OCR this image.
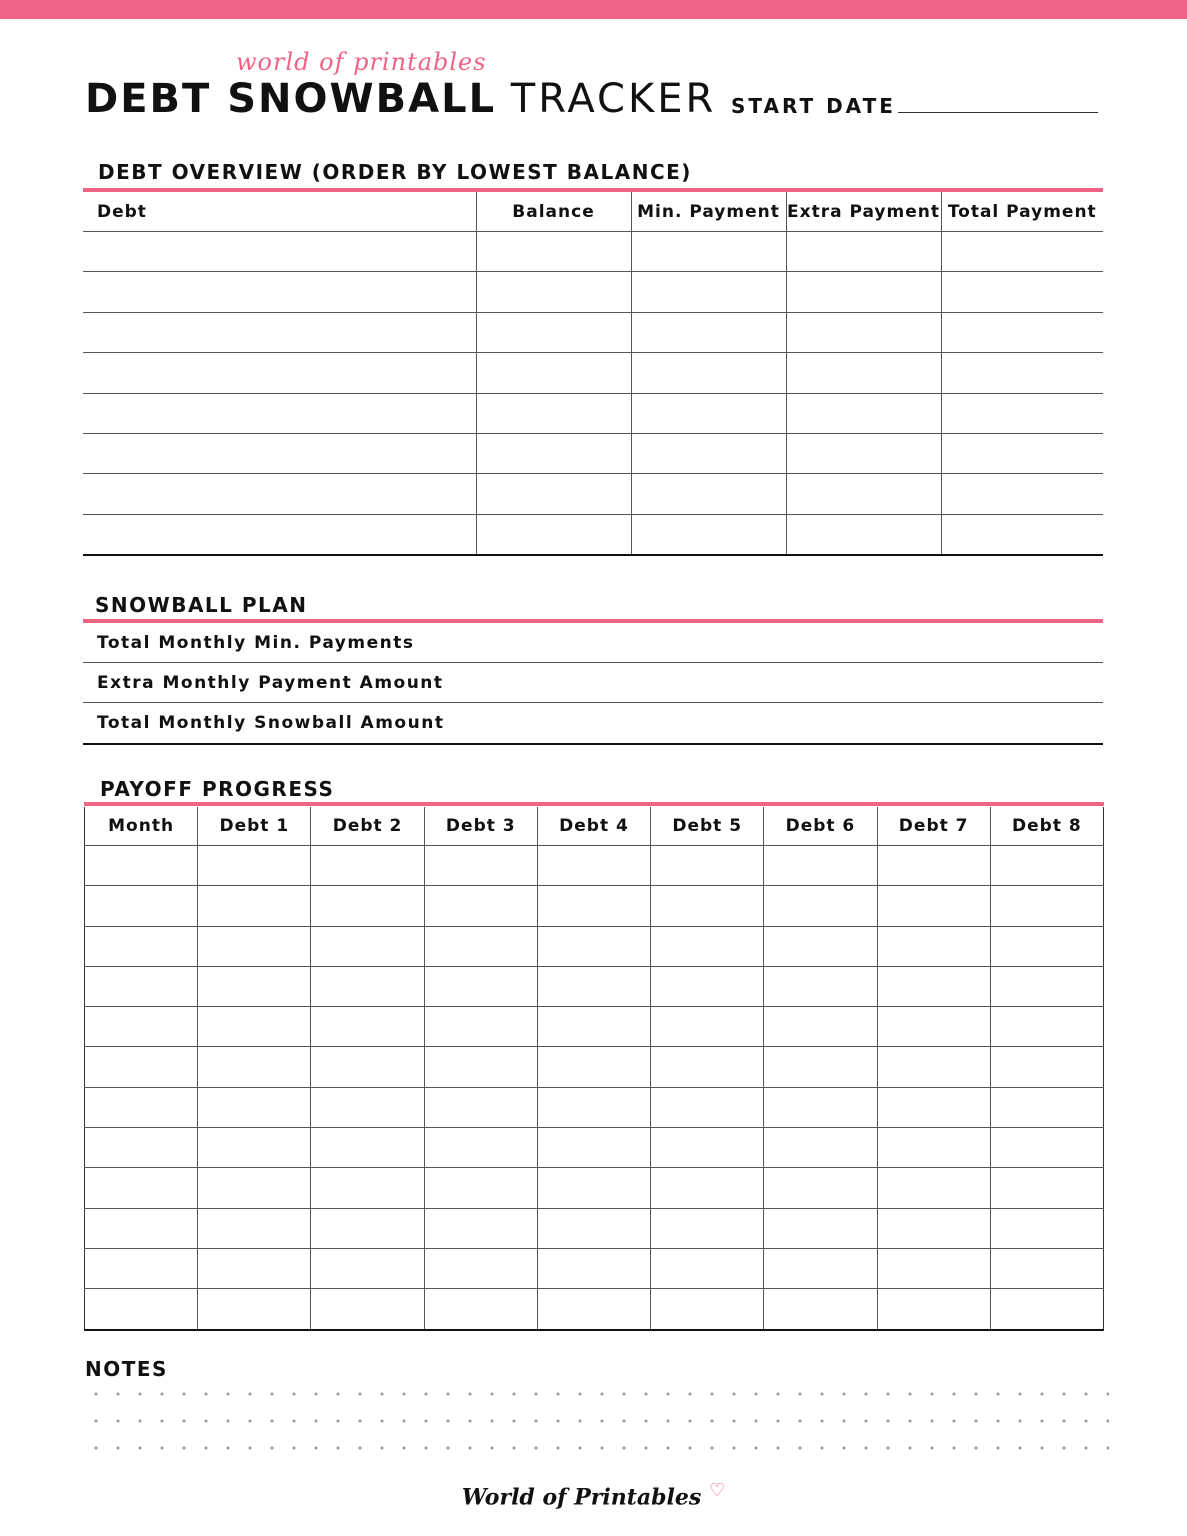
world of printables
DEBT SNOWBALL TRACKER START DATE
DEBT OVERVIEW (ORDER BY LOWEST BALANCE)
Debt	Balance	Min. Payment	Extra Payment	Total Payment

SNOWBALL PLAN
Total Monthly Min. Payments
Extra Monthly Payment Amount
Total Monthly Snowball Amount
PAYOFF PROGRESS
Month	Debt 1	Debt 2	Debt 3	Debt 4	Debt 5	Debt 6	Debt 7	Debt 8

NOTES
World of Printables ♡
